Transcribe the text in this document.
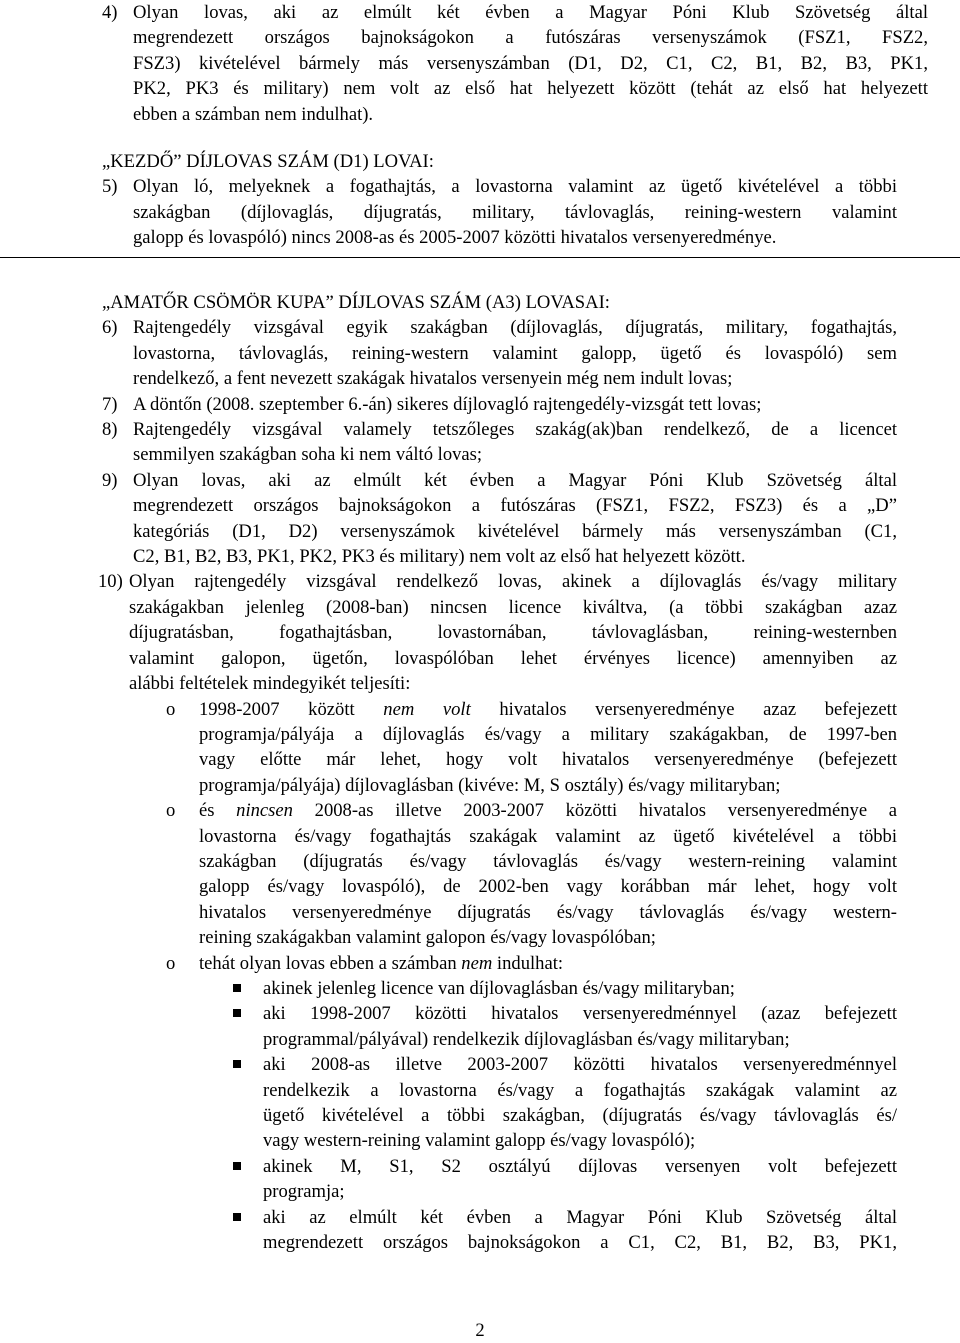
4) Olyan lovas, aki az elmúlt két évben a Magyar Póni Klub Szövetség által
megrendezett országos bajnokságokon a futószáras versenyszámok (FSZ1, FSZ2,
FSZ3) kivételével bármely más versenyszámban (D1, D2, C1, C2, B1, B2, B3, PK1,
PK2, PK3 és military) nem volt az első hat helyezett között (tehát az első hat helyezett
ebben a számban nem indulhat).

„KEZDŐ” DÍJLOVAS SZÁM (D1) LOVAI:

5) Olyan ló, melyeknek a fogathajtás, a lovastorna valamint az ügető kivételével a többi
szakágban (díjlovaglás, díjugratás, military, távlovaglás, reining-western valamint
galopp és lovaspóló) nincs 2008-as és 2005-2007 közötti hivatalos versenyeredménye.

„AMATŐR CSÖMÖR KUPA” DÍJLOVAS SZÁM (A3) LOVASAI:

6) Rajtengedély vizsgával egyik szakágban (díjlovaglás, díjugratás, military, fogathajtás,
lovastorna, távlovaglás, reining-western valamint galopp, ügető és lovaspóló) sem
rendelkező, a fent nevezett szakágak hivatalos versenyein még nem indult lovas;
7) A döntőn (2008. szeptember 6.-án) sikeres díjlovagló rajtengedély-vizsgát tett lovas;
8) Rajtengedély vizsgával valamely tetszőleges szakág(ak)ban rendelkező, de a licencet
semmilyen szakágban soha ki nem váltó lovas;
9) Olyan lovas, aki az elmúlt két évben a Magyar Póni Klub Szövetség által
megrendezett országos bajnokságokon a futószáras (FSZ1, FSZ2, FSZ3) és a „D”
kategóriás (D1, D2) versenyszámok kivételével bármely más versenyszámban (C1,
C2, B1, B2, B3, PK1, PK2, PK3 és military) nem volt az első hat helyezett között.
10) Olyan rajtengedély vizsgával rendelkező lovas, akinek a díjlovaglás és/vagy military
szakágakban jelenleg (2008-ban) nincsen licence kiváltva, (a többi szakágban azaz
díjugratásban, fogathajtásban, lovastornában, távlovaglásban, reining-westernben
valamint galopon, ügetőn, lovaspólóban lehet érvényes licence) amennyiben az
alábbi feltételek mindegyikét teljesíti:
o 1998-2007 között nem volt hivatalos versenyeredménye azaz befejezett
programja/pályája a díjlovaglás és/vagy a military szakágakban, de 1997-ben
vagy előtte már lehet, hogy volt hivatalos versenyeredménye (befejezett
programja/pályája) díjlovaglásban (kivéve: M, S osztály) és/vagy militaryban;
o és nincsen 2008-as illetve 2003-2007 közötti hivatalos versenyeredménye a
lovastorna és/vagy fogathajtás szakágak valamint az ügető kivételével a többi
szakágban (díjugratás és/vagy távlovaglás és/vagy western-reining valamint
galopp és/vagy lovaspóló), de 2002-ben vagy korábban már lehet, hogy volt
hivatalos versenyeredménye díjugratás és/vagy távlovaglás és/vagy western-
reining szakágakban valamint galopon és/vagy lovaspólóban;
o tehát olyan lovas ebben a számban nem indulhat:
akinek jelenleg licence van díjlovaglásban és/vagy militaryban;
aki 1998-2007 közötti hivatalos versenyeredménnyel (azaz befejezett
programmal/pályával) rendelkezik díjlovaglásban és/vagy militaryban;
aki 2008-as illetve 2003-2007 közötti hivatalos versenyeredménnyel
rendelkezik a lovastorna és/vagy a fogathajtás szakágak valamint az
ügető kivételével a többi szakágban, (díjugratás és/vagy távlovaglás és/
vagy western-reining valamint galopp és/vagy lovaspóló);
akinek M, S1, S2 osztályú díjlovas versenyen volt befejezett
programja;
aki az elmúlt két évben a Magyar Póni Klub Szövetség által
megrendezett országos bajnokságokon a C1, C2, B1, B2, B3, PK1,
2
